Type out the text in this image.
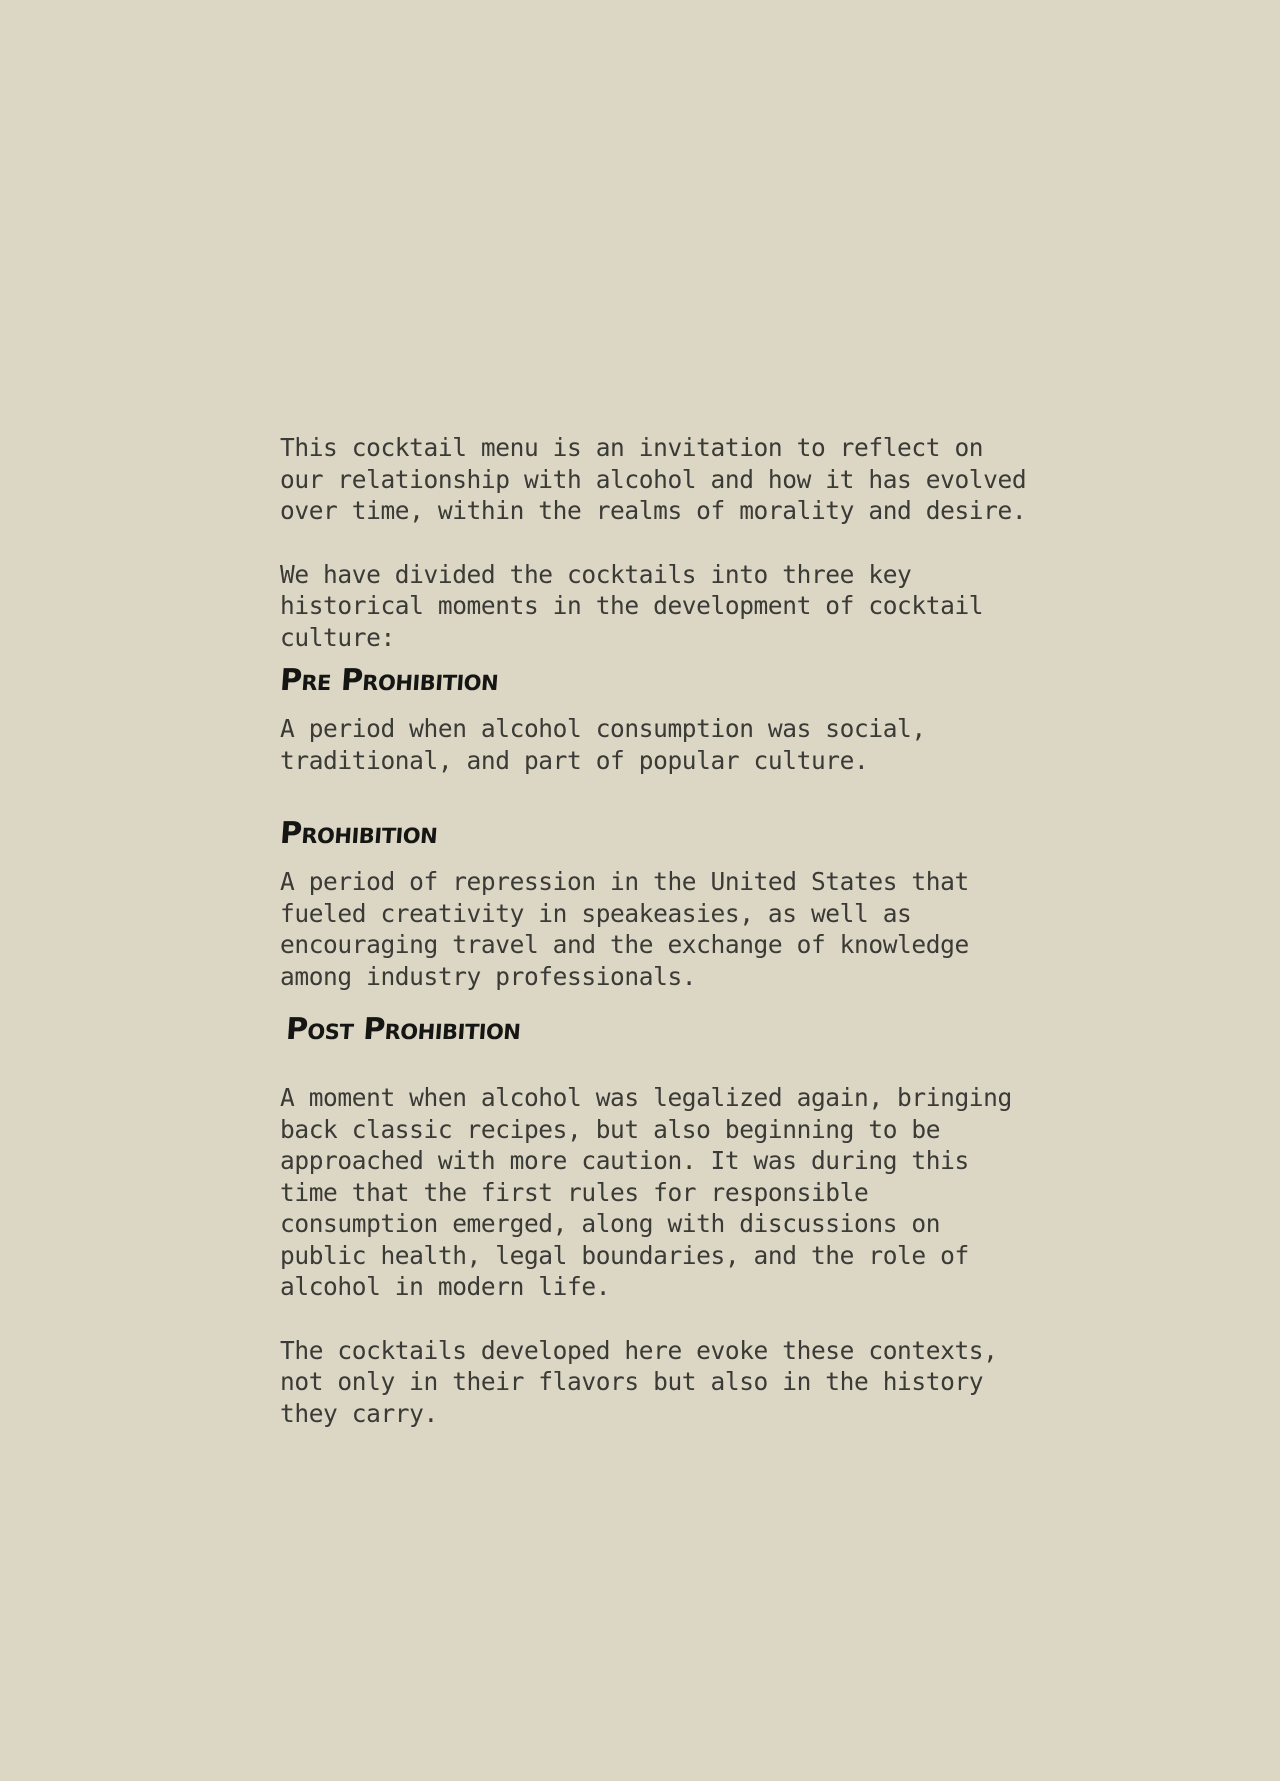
This cocktail menu is an invitation to reflect on
our relationship with alcohol and how it has evolved
over time, within the realms of morality and desire.

We have divided the cocktails into three key
historical moments in the development of cocktail
culture:

Pre Prohibition

A period when alcohol consumption was social,
traditional, and part of popular culture.

Prohibition

A period of repression in the United States that
fueled creativity in speakeasies, as well as
encouraging travel and the exchange of knowledge
among industry professionals.

Post Prohibition

A moment when alcohol was legalized again, bringing
back classic recipes, but also beginning to be
approached with more caution. It was during this
time that the first rules for responsible
consumption emerged, along with discussions on
public health, legal boundaries, and the role of
alcohol in modern life.

The cocktails developed here evoke these contexts,
not only in their flavors but also in the history
they carry.
